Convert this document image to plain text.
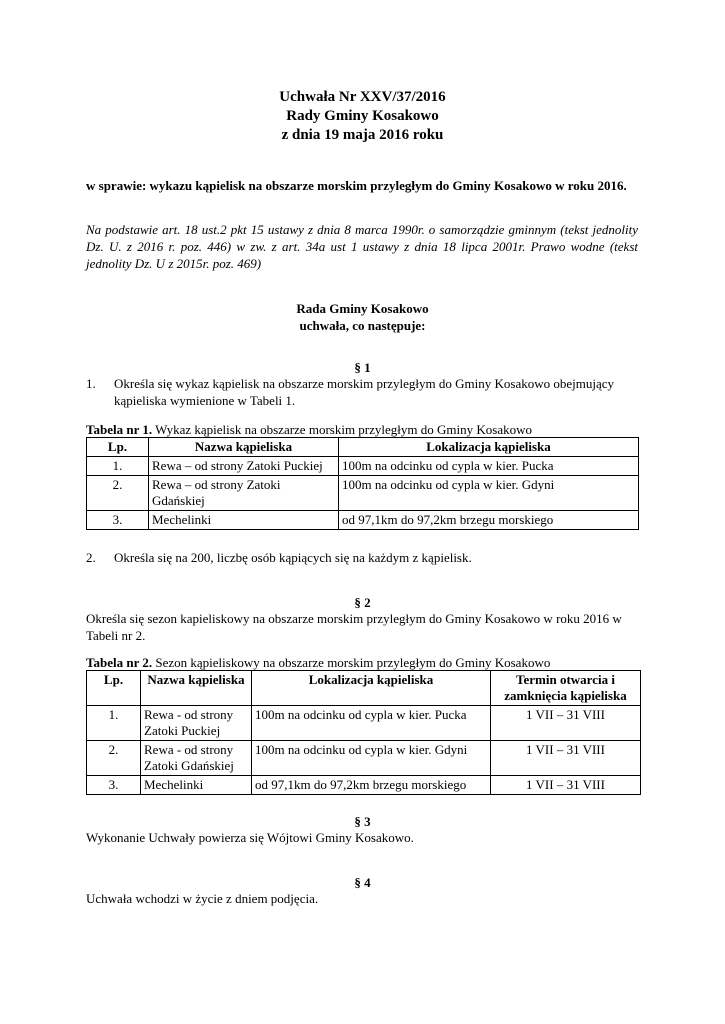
Uchwała Nr XXV/37/2016
Rady Gminy Kosakowo
z dnia 19 maja 2016 roku
w sprawie: wykazu kąpielisk na obszarze morskim przyległym do Gminy Kosakowo w roku 2016.
Na podstawie art. 18 ust.2 pkt 15 ustawy z dnia 8 marca 1990r. o samorządzie gminnym (tekst jednolity Dz. U. z 2016 r. poz. 446) w zw. z art. 34a ust 1 ustawy z dnia 18 lipca 2001r. Prawo wodne (tekst jednolity Dz. U z 2015r. poz. 469)
Rada Gminy Kosakowo
uchwała, co następuje:
§ 1
1. Określa się wykaz kąpielisk na obszarze morskim przyległym do Gminy Kosakowo obejmujący kąpieliska wymienione w Tabeli 1.
Tabela nr 1. Wykaz kąpielisk na obszarze morskim przyległym do Gminy Kosakowo
Lp.	Nazwa kąpieliska	Lokalizacja kąpieliska
1.	Rewa – od strony Zatoki Puckiej	100m na odcinku od cypla w kier. Pucka
2.	Rewa – od strony Zatoki Gdańskiej	100m na odcinku od cypla w kier. Gdyni
3.	Mechelinki	od 97,1km do 97,2km brzegu morskiego
2. Określa się na 200, liczbę osób kąpiących się na każdym z kąpielisk.
§ 2
Określa się sezon kapieliskowy na obszarze morskim przyległym do Gminy Kosakowo w roku 2016 w Tabeli nr 2.
Tabela nr 2. Sezon kąpieliskowy na obszarze morskim przyległym do Gminy Kosakowo
Lp.	Nazwa kąpieliska	Lokalizacja kąpieliska	Termin otwarcia i zamknięcia kąpieliska
1.	Rewa - od strony Zatoki Puckiej	100m na odcinku od cypla w kier. Pucka	1 VII – 31 VIII
2.	Rewa - od strony Zatoki Gdańskiej	100m na odcinku od cypla w kier. Gdyni	1 VII – 31 VIII
3.	Mechelinki	od 97,1km do 97,2km brzegu morskiego	1 VII – 31 VIII
§ 3
Wykonanie Uchwały powierza się Wójtowi Gminy Kosakowo.
§ 4
Uchwała wchodzi w życie z dniem podjęcia.
